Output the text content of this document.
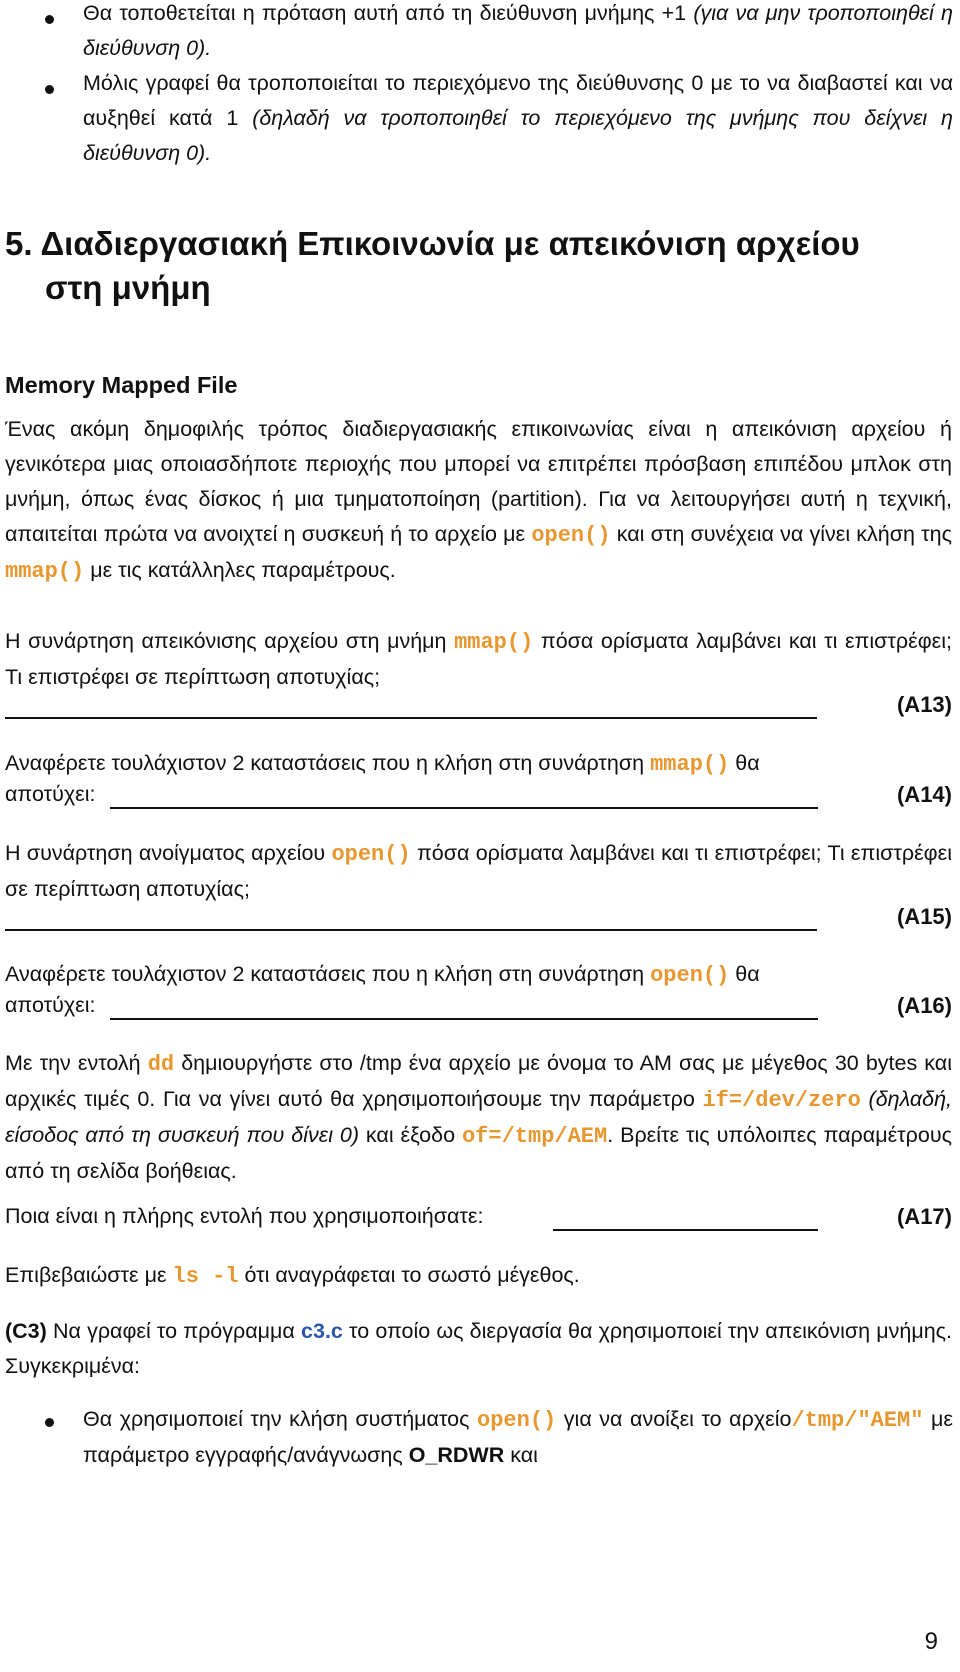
Θα τοποθετείται η πρόταση αυτή από τη διεύθυνση μνήμης +1 (για να μην τροποποιηθεί η διεύθυνση 0).

Μόλις γραφεί θα τροποποιείται το περιεχόμενο της διεύθυνσης 0 με το να διαβαστεί και να αυξηθεί κατά 1 (δηλαδή να τροποποιηθεί το περιεχόμενο της μνήμης που δείχνει η διεύθυνση 0).

5. Διαδιεργασιακή Επικοινωνία με απεικόνιση αρχείου
στη μνήμη
Memory Mapped File

Ένας ακόμη δημοφιλής τρόπος διαδιεργασιακής επικοινωνίας είναι η απεικόνιση αρχείου ή γενικότερα μιας οποιασδήποτε περιοχής που μπορεί να επιτρέπει πρόσβαση επιπέδου μπλοκ στη μνήμη, όπως ένας δίσκος ή μια τμηματοποίηση (partition). Για να λειτουργήσει αυτή η τεχνική, απαιτείται πρώτα να ανοιχτεί η συσκευή ή το αρχείο με open() και στη συνέχεια να γίνει κλήση της mmap() με τις κατάλληλες παραμέτρους.

Η συνάρτηση απεικόνισης αρχείου στη μνήμη mmap() πόσα ορίσματα λαμβάνει και τι επιστρέφει; Τι επιστρέφει σε περίπτωση αποτυχίας;

(A13)

Αναφέρετε τουλάχιστον 2 καταστάσεις που η κλήση στη συνάρτηση mmap() θα

αποτύχει:	(A14)

Η συνάρτηση ανοίγματος αρχείου open() πόσα ορίσματα λαμβάνει και τι επιστρέφει; Τι επιστρέφει σε περίπτωση αποτυχίας;

(A15)

Αναφέρετε τουλάχιστον 2 καταστάσεις που η κλήση στη συνάρτηση open() θα

αποτύχει:	(A16)

Με την εντολή dd δημιουργήστε στο /tmp ένα αρχείο με όνομα το ΑΜ σας με μέγεθος 30 bytes και αρχικές τιμές 0. Για να γίνει αυτό θα χρησιμοποιήσουμε την παράμετρο if=/dev/zero (δηλαδή, είσοδος από τη συσκευή που δίνει 0) και έξοδο of=/tmp/AEM. Βρείτε τις υπόλοιπες παραμέτρους από τη σελίδα βοήθειας.

Ποια είναι η πλήρης εντολή που χρησιμοποιήσατε:	(A17)

Επιβεβαιώστε με ls -l ότι αναγράφεται το σωστό μέγεθος.

(C3) Να γραφεί το πρόγραμμα c3.c το οποίο ως διεργασία θα χρησιμοποιεί την απεικόνιση μνήμης. Συγκεκριμένα:

Θα χρησιμοποιεί την κλήση συστήματος open() για να ανοίξει το αρχείο/tmp/"AEM" με παράμετρο εγγραφής/ανάγνωσης O_RDWR και

9
